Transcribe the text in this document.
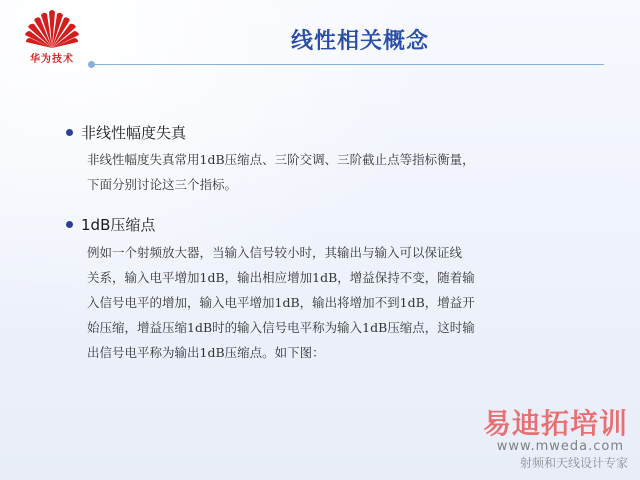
华为技术
线性相关概念
非线性幅度失真
非线性幅度失真常用1dB压缩点、三阶交调、三阶截止点等指标衡量，
下面分别讨论这三个指标。
1dB压缩点
例如一个射频放大器，当输入信号较小时，其输出与输入可以保证线
关系，输入电平增加1dB，输出相应增加1dB，增益保持不变，随着输
入信号电平的增加，输入电平增加1dB，输出将增加不到1dB，增益开
始压缩，增益压缩1dB时的输入信号电平称为输入1dB压缩点，这时输
出信号电平称为输出1dB压缩点。如下图：
易迪拓培训
www.mweda.com
射频和天线设计专家
